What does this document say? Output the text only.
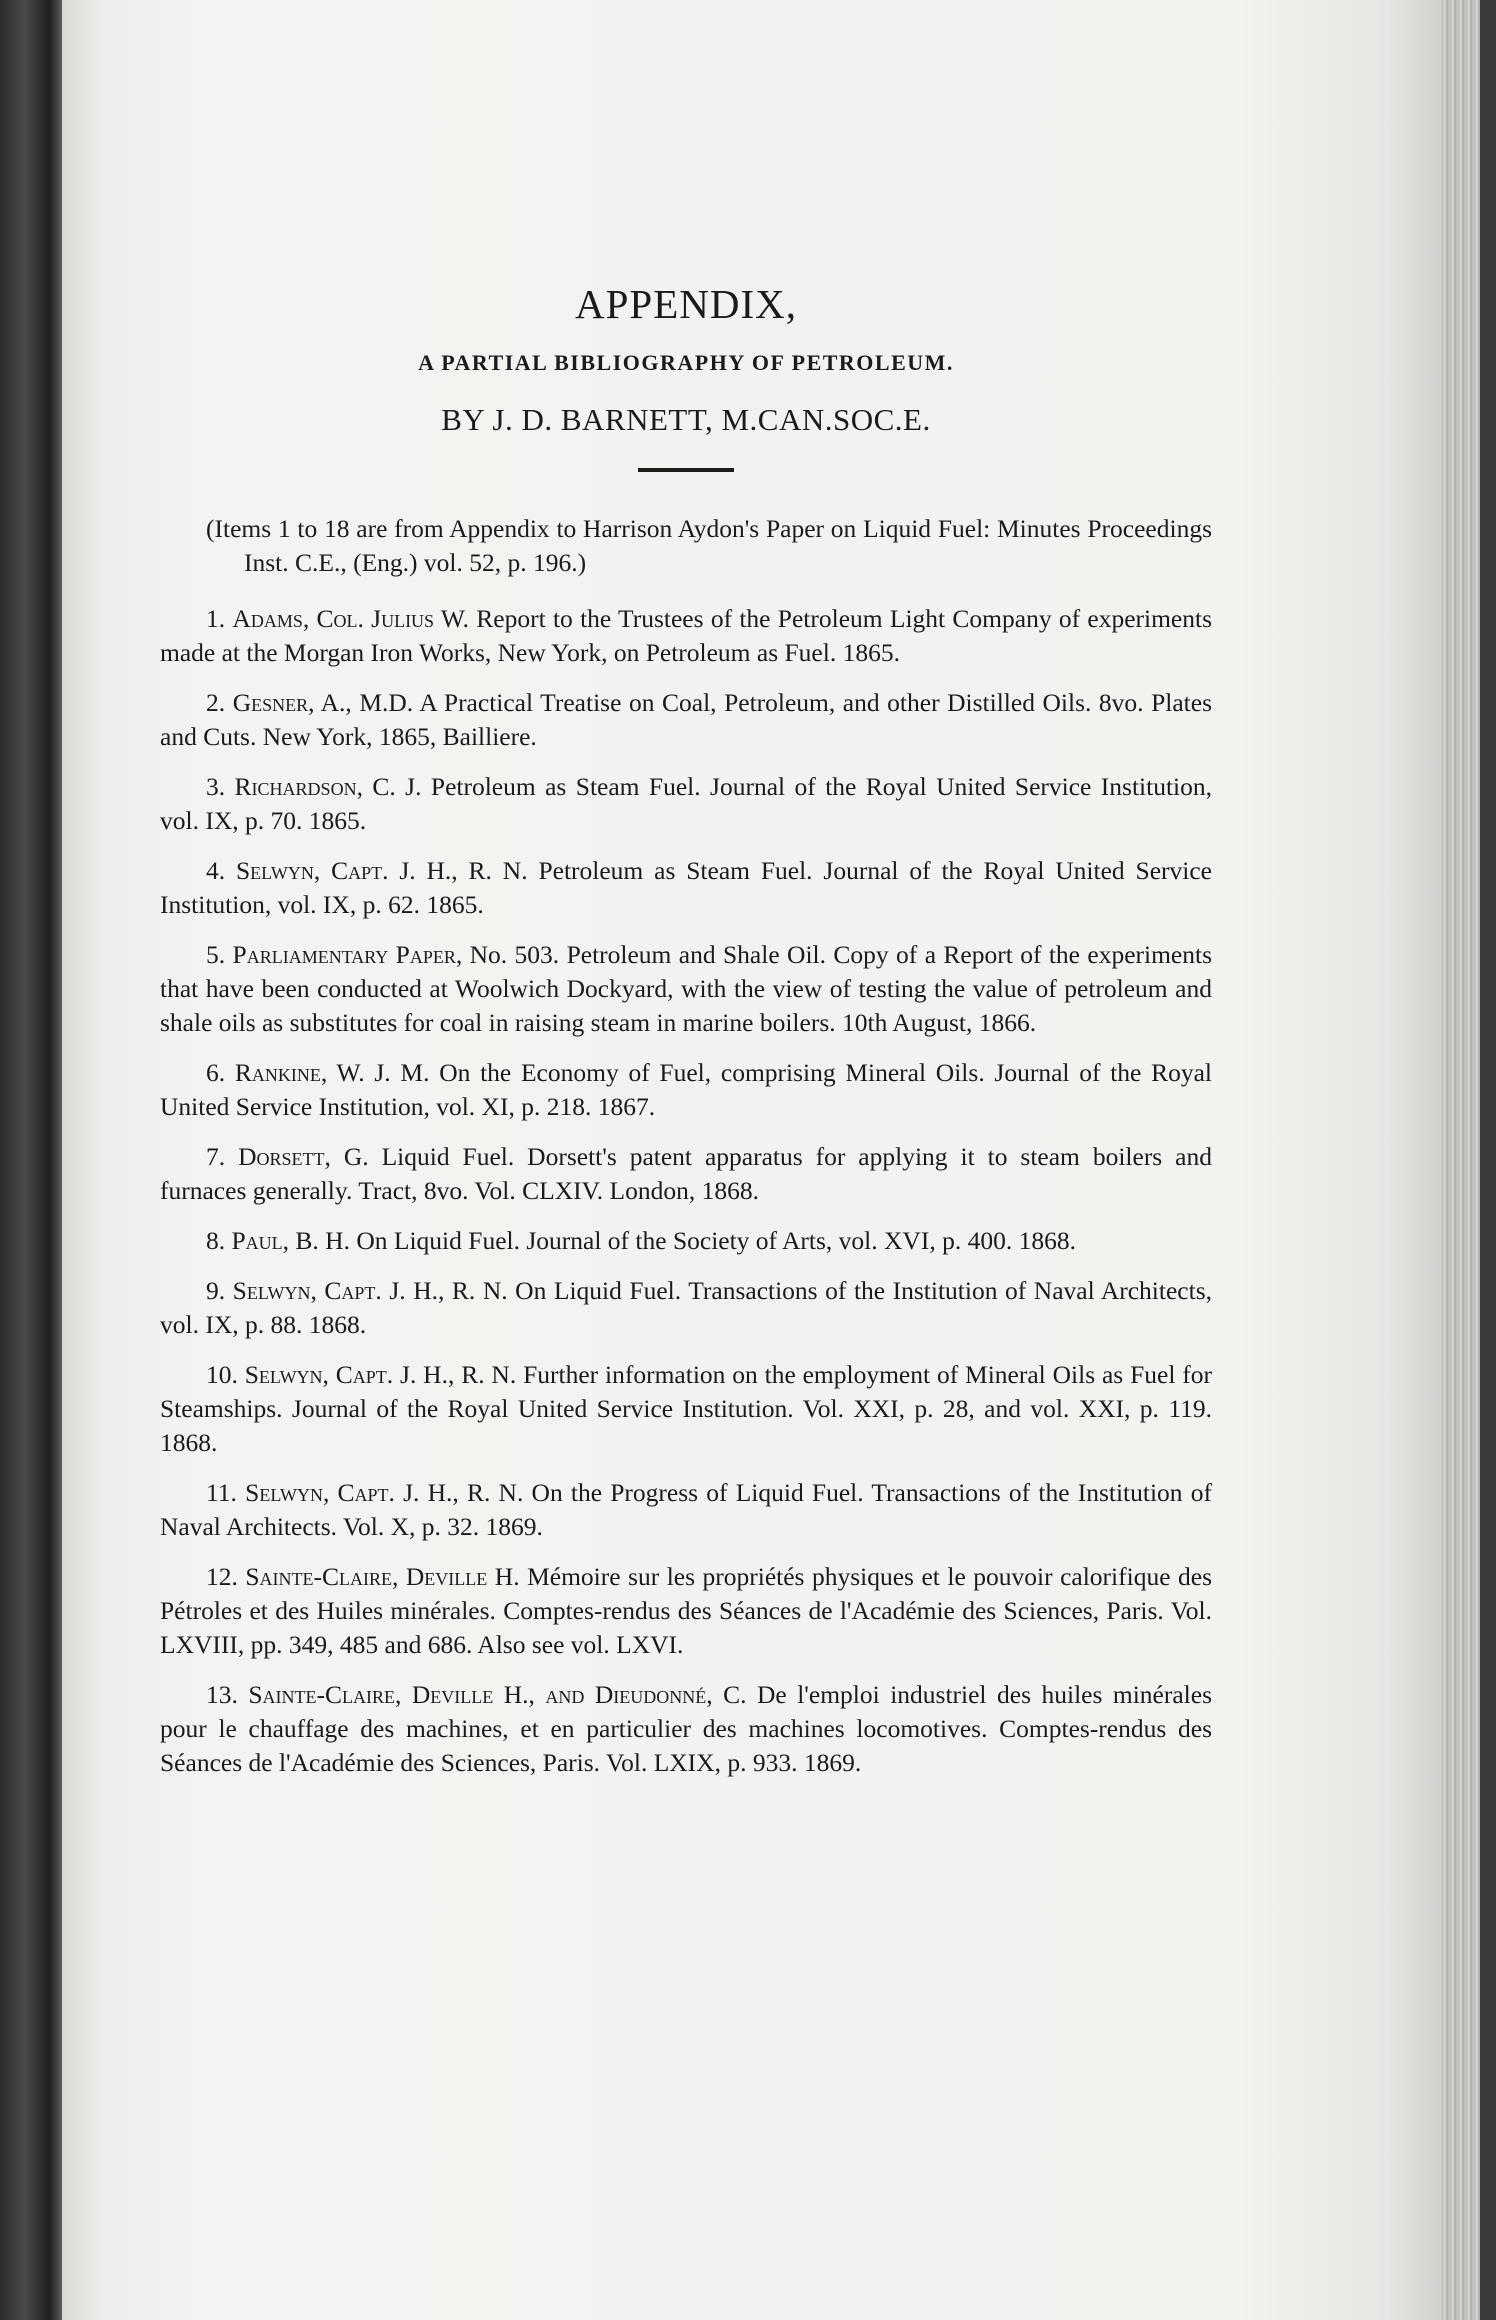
APPENDIX,
A PARTIAL BIBLIOGRAPHY OF PETROLEUM.
BY J. D. BARNETT, M.CAN.SOC.E.

(Items 1 to 18 are from Appendix to Harrison Aydon's Paper on Liquid Fuel: Minutes Proceedings Inst. C.E., (Eng.) vol. 52, p. 196.)

1. Adams, Col. Julius W. Report to the Trustees of the Petroleum Light Company of experiments made at the Morgan Iron Works, New York, on Petroleum as Fuel. 1865.

2. Gesner, A., M.D. A Practical Treatise on Coal, Petroleum, and other Distilled Oils. 8vo. Plates and Cuts. New York, 1865, Bailliere.

3. Richardson, C. J. Petroleum as Steam Fuel. Journal of the Royal United Service Institution, vol. IX, p. 70. 1865.

4. Selwyn, Capt. J. H., R. N. Petroleum as Steam Fuel. Journal of the Royal United Service Institution, vol. IX, p. 62. 1865.

5. Parliamentary Paper, No. 503. Petroleum and Shale Oil. Copy of a Report of the experiments that have been conducted at Woolwich Dockyard, with the view of testing the value of petroleum and shale oils as substitutes for coal in raising steam in marine boilers. 10th August, 1866.

6. Rankine, W. J. M. On the Economy of Fuel, comprising Mineral Oils. Journal of the Royal United Service Institution, vol. XI, p. 218. 1867.

7. Dorsett, G. Liquid Fuel. Dorsett's patent apparatus for applying it to steam boilers and furnaces generally. Tract, 8vo. Vol. CLXIV. London, 1868.

8. Paul, B. H. On Liquid Fuel. Journal of the Society of Arts, vol. XVI, p. 400. 1868.

9. Selwyn, Capt. J. H., R. N. On Liquid Fuel. Transactions of the Institution of Naval Architects, vol. IX, p. 88. 1868.

10. Selwyn, Capt. J. H., R. N. Further information on the employment of Mineral Oils as Fuel for Steamships. Journal of the Royal United Service Institution. Vol. XXI, p. 28, and vol. XXI, p. 119. 1868.

11. Selwyn, Capt. J. H., R. N. On the Progress of Liquid Fuel. Transactions of the Institution of Naval Architects. Vol. X, p. 32. 1869.

12. Sainte-Claire, Deville H. Mémoire sur les propriétés physiques et le pouvoir calorifique des Pétroles et des Huiles minérales. Comptes-rendus des Séances de l'Académie des Sciences, Paris. Vol. LXVIII, pp. 349, 485 and 686. Also see vol. LXVI.

13. Sainte-Claire, Deville H., and Dieudonné, C. De l'emploi industriel des huiles minérales pour le chauffage des machines, et en particulier des machines locomotives. Comptes-rendus des Séances de l'Académie des Sciences, Paris. Vol. LXIX, p. 933. 1869.
